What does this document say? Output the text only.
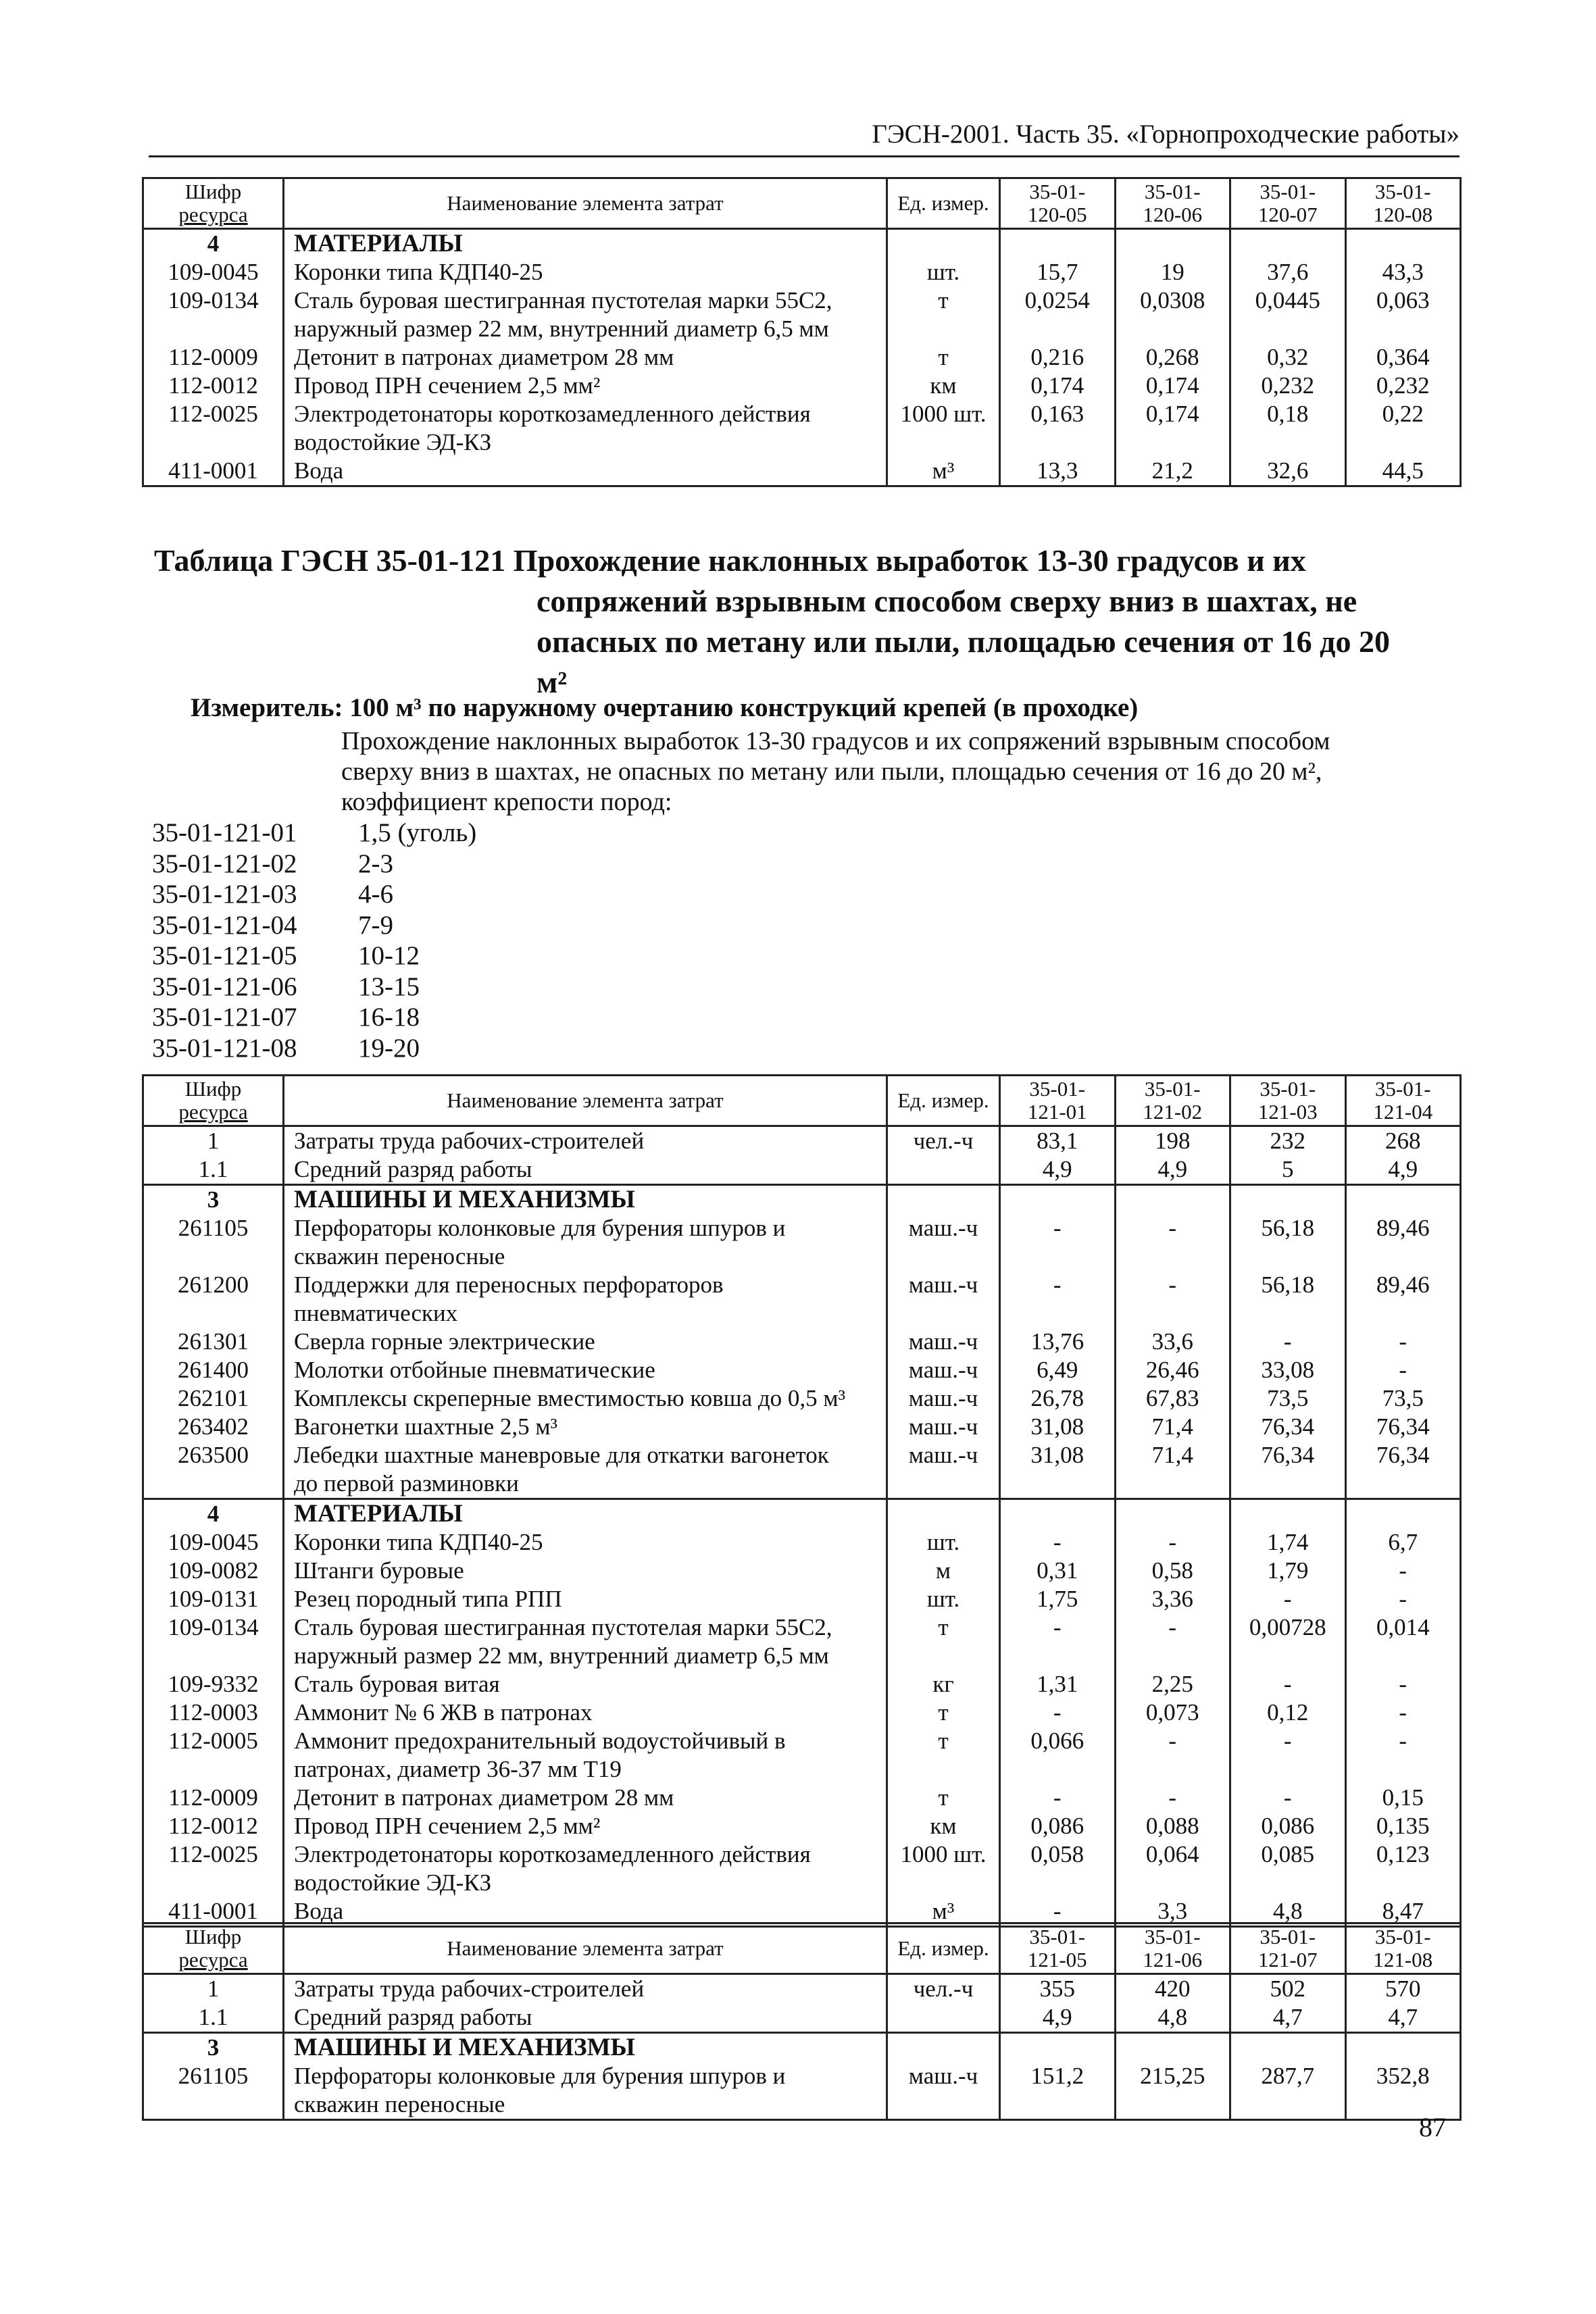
ГЭСН-2001. Часть 35. «Горнопроходческие работы»
Шифр
ресурса	Наименование элемента затрат	Ед. измер.	35-01-
120-05	35-01-
120-06	35-01-
120-07	35-01-
120-08

4	МАТЕРИАЛЫ					
109-0045	Коронки типа КДП40-25	шт.	15,7	19	37,6	43,3
109-0134	Сталь буровая шестигранная пустотелая марки 55С2,
наружный размер 22 мм, внутренний диаметр 6,5 мм	т	0,0254	0,0308	0,0445	0,063
112-0009	Детонит в патронах диаметром 28 мм	т	0,216	0,268	0,32	0,364
112-0012	Провод ПРН сечением 2,5 мм²	км	0,174	0,174	0,232	0,232
112-0025	Электродетонаторы короткозамедленного действия
водостойкие ЭД-КЗ	1000 шт.	0,163	0,174	0,18	0,22
411-0001	Вода	м³	13,3	21,2	32,6	44,5
Таблица ГЭСН 35-01-121 Прохождение наклонных выработок 13-30 градусов и их
сопряжений взрывным способом сверху вниз в шахтах, не
опасных по метану или пыли, площадью сечения от 16 до 20
м²
Измеритель: 100 м³ по наружному очертанию конструкций крепей (в проходке)
Прохождение наклонных выработок 13-30 градусов и их сопряжений взрывным способом
сверху вниз в шахтах, не опасных по метану или пыли, площадью сечения от 16 до 20 м²,
коэффициент крепости пород:
35-01-121-01	1,5 (уголь)
35-01-121-02	2-3
35-01-121-03	4-6
35-01-121-04	7-9
35-01-121-05	10-12
35-01-121-06	13-15
35-01-121-07	16-18
35-01-121-08	19-20
Шифр
ресурса	Наименование элемента затрат	Ед. измер.	35-01-
121-01	35-01-
121-02	35-01-
121-03	35-01-
121-04

1	Затраты труда рабочих-строителей	чел.-ч	83,1	198	232	268
1.1	Средний разряд работы		4,9	4,9	5	4,9
3	МАШИНЫ И МЕХАНИЗМЫ					
261105	Перфораторы колонковые для бурения шпуров и
скважин переносные	маш.-ч	-	-	56,18	89,46
261200	Поддержки для переносных перфораторов
пневматических	маш.-ч	-	-	56,18	89,46
261301	Сверла горные электрические	маш.-ч	13,76	33,6	-	-
261400	Молотки отбойные пневматические	маш.-ч	6,49	26,46	33,08	-
262101	Комплексы скреперные вместимостью ковша до 0,5 м³	маш.-ч	26,78	67,83	73,5	73,5
263402	Вагонетки шахтные 2,5 м³	маш.-ч	31,08	71,4	76,34	76,34
263500	Лебедки шахтные маневровые для откатки вагонеток
до первой разминовки	маш.-ч	31,08	71,4	76,34	76,34
4	МАТЕРИАЛЫ					
109-0045	Коронки типа КДП40-25	шт.	-	-	1,74	6,7
109-0082	Штанги буровые	м	0,31	0,58	1,79	-
109-0131	Резец породный типа РПП	шт.	1,75	3,36	-	-
109-0134	Сталь буровая шестигранная пустотелая марки 55С2,
наружный размер 22 мм, внутренний диаметр 6,5 мм	т	-	-	0,00728	0,014
109-9332	Сталь буровая витая	кг	1,31	2,25	-	-
112-0003	Аммонит № 6 ЖВ в патронах	т	-	0,073	0,12	-
112-0005	Аммонит предохранительный водоустойчивый в
патронах, диаметр 36-37 мм Т19	т	0,066	-	-	-
112-0009	Детонит в патронах диаметром 28 мм	т	-	-	-	0,15
112-0012	Провод ПРН сечением 2,5 мм²	км	0,086	0,088	0,086	0,135
112-0025	Электродетонаторы короткозамедленного действия
водостойкие ЭД-КЗ	1000 шт.	0,058	0,064	0,085	0,123
411-0001	Вода	м³	-	3,3	4,8	8,47
Шифр
ресурса	Наименование элемента затрат	Ед. измер.	35-01-
121-05	35-01-
121-06	35-01-
121-07	35-01-
121-08

1	Затраты труда рабочих-строителей	чел.-ч	355	420	502	570
1.1	Средний разряд работы		4,9	4,8	4,7	4,7
3	МАШИНЫ И МЕХАНИЗМЫ					
261105	Перфораторы колонковые для бурения шпуров и
скважин переносные	маш.-ч	151,2	215,25	287,7	352,8
87
